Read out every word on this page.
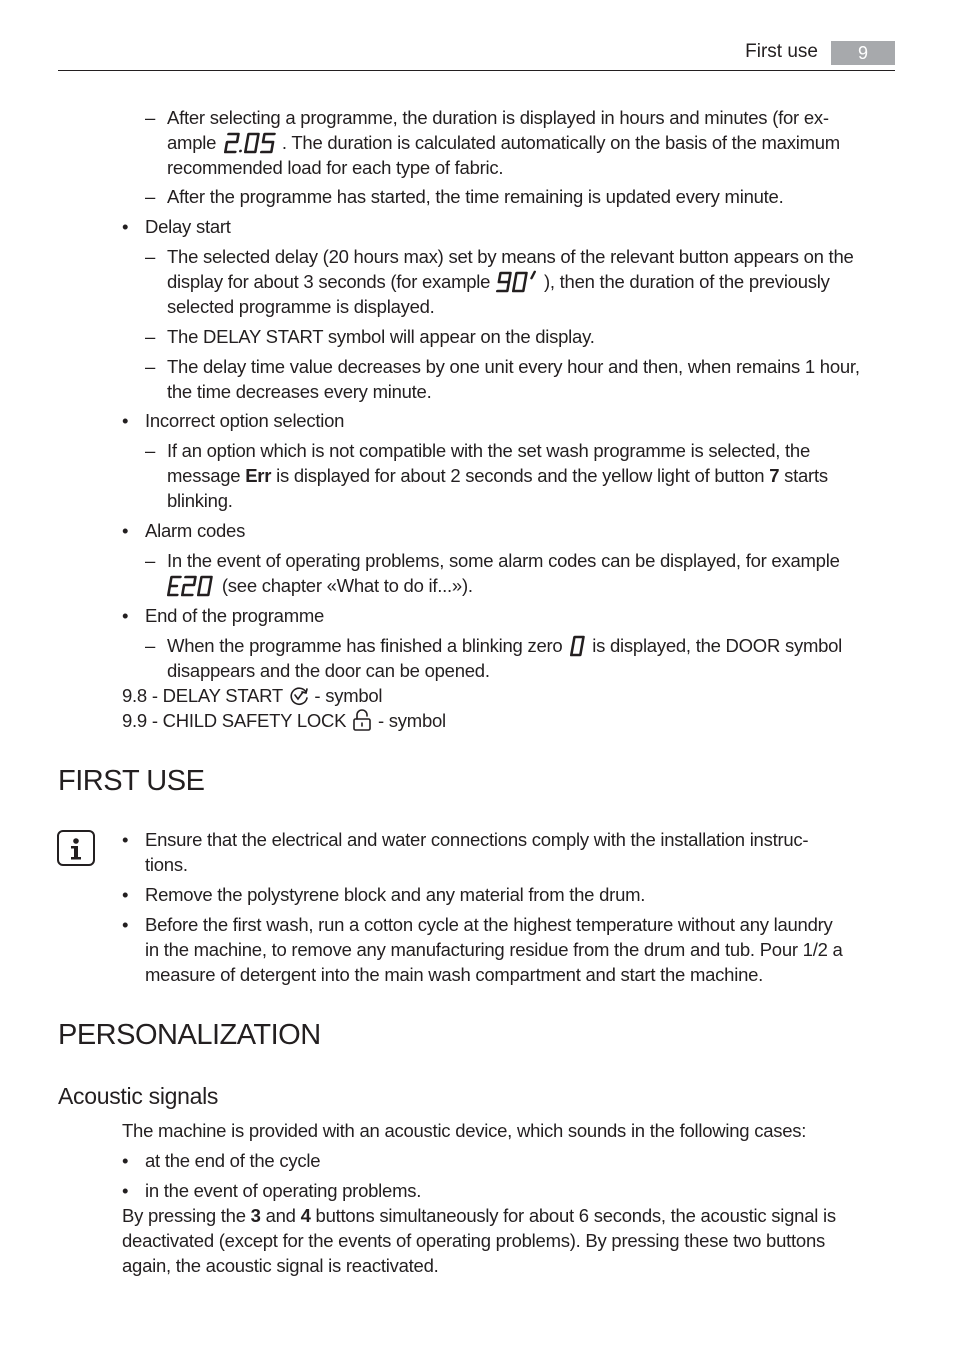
First use	9
– After selecting a programme, the duration is displayed in hours and minutes (for ex-
ample	. The duration is calculated automatically on the basis of the maximum
recommended load for each type of fabric.
– After the programme has started, the time remaining is updated every minute.
• Delay start
– The selected delay (20 hours max) set by means of the relevant button appears on the
display for about 3 seconds (for example	), then the duration of the previously
selected programme is displayed.
– The DELAY START symbol will appear on the display.
– The delay time value decreases by one unit every hour and then, when remains 1 hour,
the time decreases every minute.
• Incorrect option selection
– If an option which is not compatible with the set wash programme is selected, the
message Err is displayed for about 2 seconds and the yellow light of button 7 starts
blinking.
• Alarm codes
– In the event of operating problems, some alarm codes can be displayed, for example
(see chapter «What to do if...»).
• End of the programme
– When the programme has finished a blinking zero is displayed, the DOOR symbol
disappears and the door can be opened.
9.8 - DELAY START - symbol
9.9 - CHILD SAFETY LOCK - symbol
FIRST USE
• Ensure that the electrical and water connections comply with the installation instruc-
tions.
• Remove the polystyrene block and any material from the drum.
• Before the first wash, run a cotton cycle at the highest temperature without any laundry
in the machine, to remove any manufacturing residue from the drum and tub. Pour 1/2 a
measure of detergent into the main wash compartment and start the machine.
PERSONALIZATION
Acoustic signals
The machine is provided with an acoustic device, which sounds in the following cases:
• at the end of the cycle
• in the event of operating problems.
By pressing the 3 and 4 buttons simultaneously for about 6 seconds, the acoustic signal is
deactivated (except for the events of operating problems). By pressing these two buttons
again, the acoustic signal is reactivated.
